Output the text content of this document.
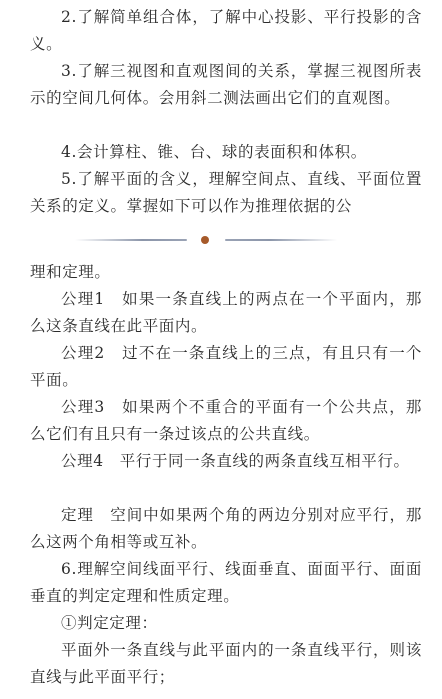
2.了解简单组合体，了解中心投影、平行投影的含义。

3.了解三视图和直观图间的关系，掌握三视图所表示的空间几何体。会用斜二测法画出它们的直观图。

4.会计算柱、锥、台、球的表面积和体积。

5.了解平面的含义，理解空间点、直线、平面位置关系的定义。掌握如下可以作为推理依据的公

理和定理。

公理1　如果一条直线上的两点在一个平面内，那么这条直线在此平面内。

公理2　过不在一条直线上的三点，有且只有一个平面。

公理3　如果两个不重合的平面有一个公共点，那么它们有且只有一条过该点的公共直线。

公理4　平行于同一条直线的两条直线互相平行。

定理　空间中如果两个角的两边分别对应平行，那么这两个角相等或互补。

6.理解空间线面平行、线面垂直、面面平行、面面垂直的判定定理和性质定理。

①判定定理：

平面外一条直线与此平面内的一条直线平行，则该直线与此平面平行；
